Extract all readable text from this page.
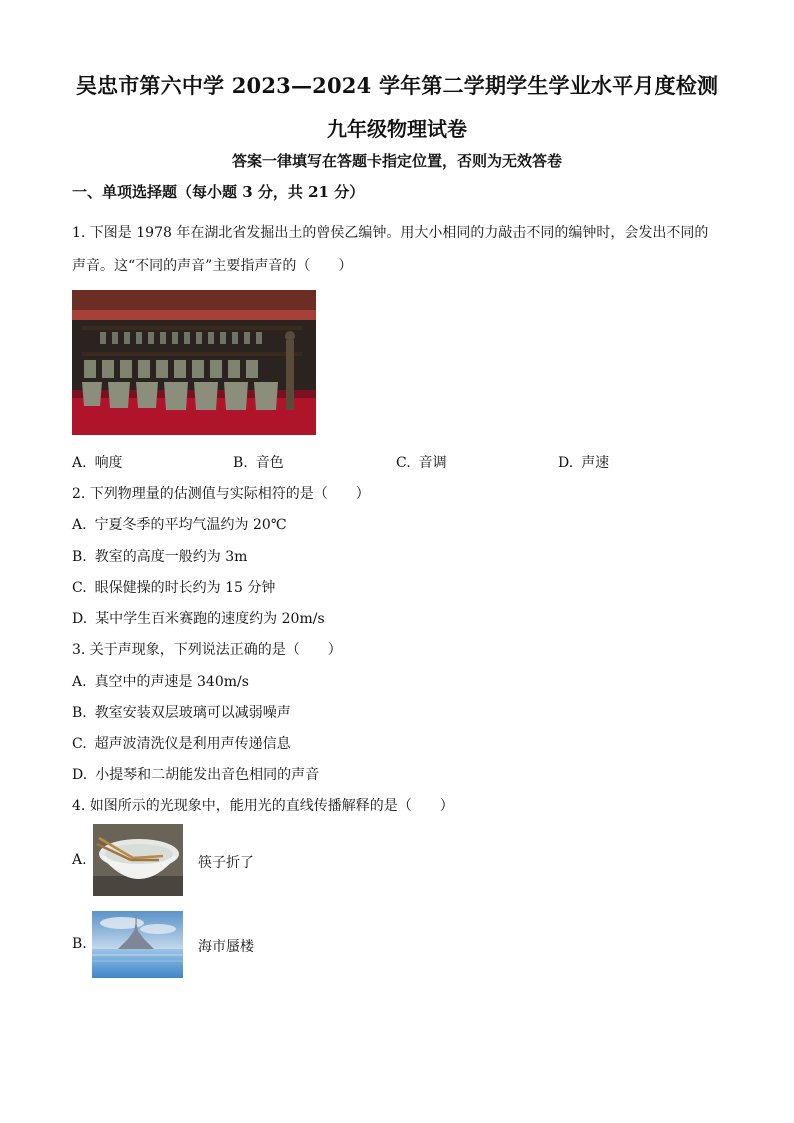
吴忠市第六中学 2023—2024 学年第二学期学生学业水平月度检测
九年级物理试卷
答案一律填写在答题卡指定位置，否则为无效答卷
一、单项选择题（每小题 3 分，共 21 分）
1. 下图是 1978 年在湖北省发掘出土的曾侯乙编钟。用大小相同的力敲击不同的编钟时，会发出不同的声音。这“不同的声音”主要指声音的（　　）
A. 响度	B. 音色	C. 音调	D. 声速
2. 下列物理量的估测值与实际相符的是（　　）
A. 宁夏冬季的平均气温约为 20℃
B. 教室的高度一般约为 3m
C. 眼保健操的时长约为 15 分钟
D. 某中学生百米赛跑的速度约为 20m/s
3. 关于声现象，下列说法正确的是（　　）
A. 真空中的声速是 340m/s
B. 教室安装双层玻璃可以减弱噪声
C. 超声波清洗仪是利用声传递信息
D. 小提琴和二胡能发出音色相同的声音
4. 如图所示的光现象中，能用光的直线传播解释的是（　　）
A.	筷子折了
B.	海市蜃楼
